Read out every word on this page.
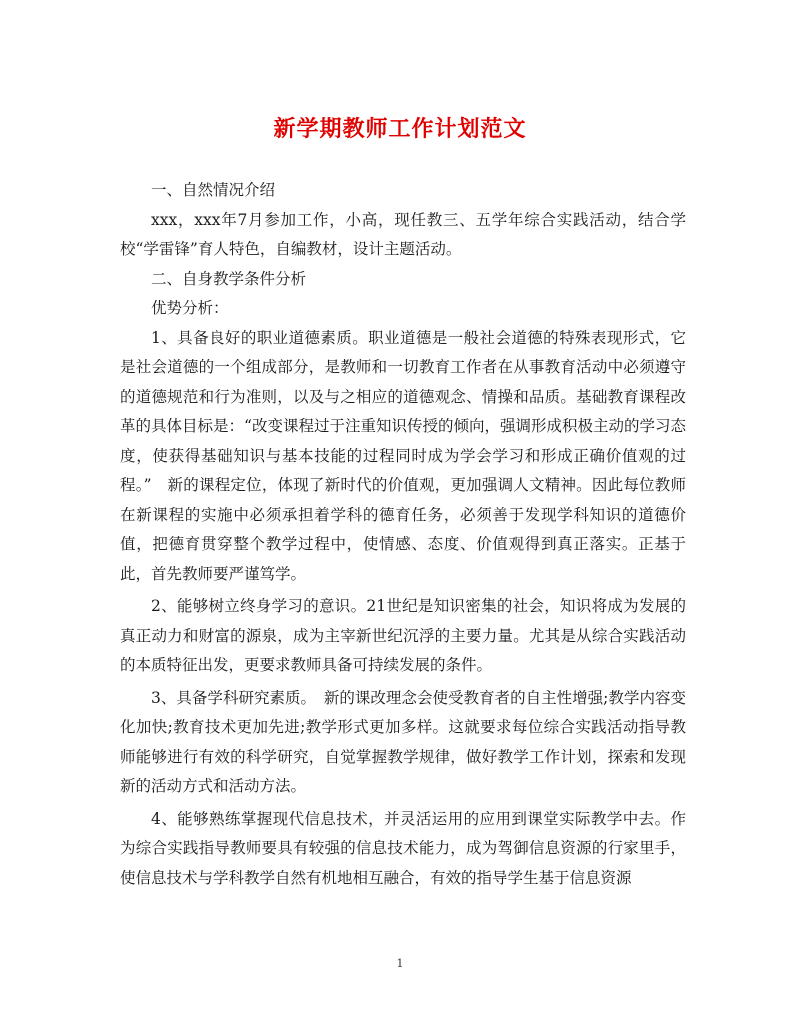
新学期教师工作计划范文

一、自然情况介绍

xxx，xxx年7月参加工作，小高，现任教三、五学年综合实践活动，结合学校“学雷锋”育人特色，自编教材，设计主题活动。

二、自身教学条件分析

优势分析：

1、具备良好的职业道德素质。职业道德是一般社会道德的特殊表现形式，它是社会道德的一个组成部分，是教师和一切教育工作者在从事教育活动中必须遵守的道德规范和行为准则，以及与之相应的道德观念、情操和品质。基础教育课程改革的具体目标是：“改变课程过于注重知识传授的倾向，强调形成积极主动的学习态度，使获得基础知识与基本技能的过程同时成为学会学习和形成正确价值观的过程。”　新的课程定位，体现了新时代的价值观，更加强调人文精神。因此每位教师在新课程的实施中必须承担着学科的德育任务，必须善于发现学科知识的道德价值，把德育贯穿整个教学过程中，使情感、态度、价值观得到真正落实。正基于此，首先教师要严谨笃学。

2、能够树立终身学习的意识。21世纪是知识密集的社会，知识将成为发展的真正动力和财富的源泉，成为主宰新世纪沉浮的主要力量。尤其是从综合实践活动的本质特征出发，更要求教师具备可持续发展的条件。

3、具备学科研究素质。　新的课改理念会使受教育者的自主性增强;教学内容变化加快;教育技术更加先进;教学形式更加多样。这就要求每位综合实践活动指导教师能够进行有效的科学研究，自觉掌握教学规律，做好教学工作计划，探索和发现新的活动方式和活动方法。

4、能够熟练掌握现代信息技术，并灵活运用的应用到课堂实际教学中去。作为综合实践指导教师要具有较强的信息技术能力，成为驾御信息资源的行家里手，使信息技术与学科教学自然有机地相互融合，有效的指导学生基于信息资源

1
